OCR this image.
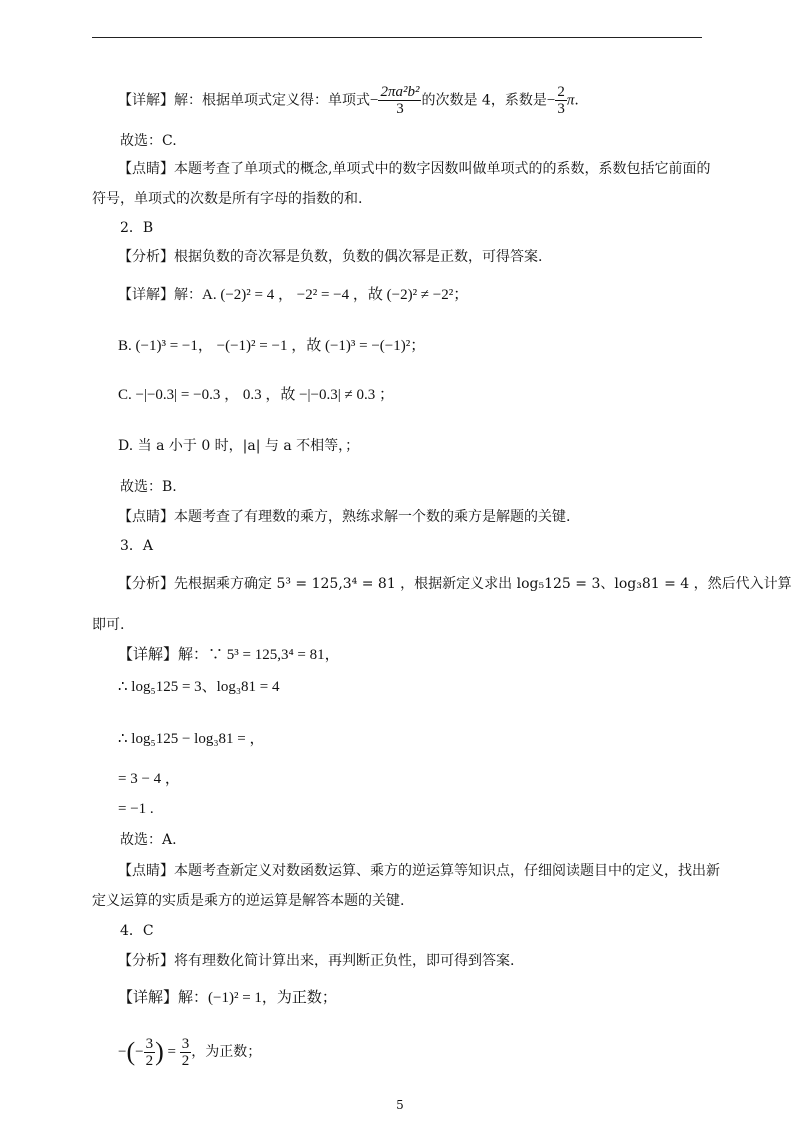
【详解】解：根据单项式定义得：单项式− $\frac{\text{2πa²b²}}{3}$ 的次数是 4，系数是− $\frac{2}{3} \pi$.
故选：C.
【点睛】本题考查了单项式的概念,单项式中的数字因数叫做单项式的的系数，系数包括它前面的
符号，单项式的次数是所有字母的指数的和.
2．B
【分析】根据负数的奇次幂是负数，负数的偶次幂是正数，可得答案.
【详解】解：A. (−2)² = 4 ， −2² = −4 ，故 (−2)² ≠ −2²；
B. (−1)³ = −1， −(−1)² = −1 ，故 (−1)³ = −(−1)²；
C. −|−0.3| = −0.3 ， 0.3 ，故 −|−0.3| ≠ 0.3 ；
D. 当 a 小于 0 时，|a| 与 a 不相等，；
故选：B.
【点睛】本题考查了有理数的乘方，熟练求解一个数的乘方是解题的关键.
3．A
【分析】先根据乘方确定 5³ = 125,3⁴ = 81 ，根据新定义求出 log₅125 = 3、log₃81 = 4 ，然后代入计算
即可.
【详解】解：∵ 5³ = 125,3⁴ = 81，
∴ log₅125 = 3、log₃81 = 4
∴ log₅125 − log₃81 = ，
= 3 − 4 ，
= −1 .
故选：A.
【点睛】本题考查新定义对数函数运算、乘方的逆运算等知识点，仔细阅读题目中的定义，找出新
定义运算的实质是乘方的逆运算是解答本题的关键.
4．C
【分析】将有理数化简计算出来，再判断正负性，即可得到答案.
【详解】解：(−1)² = 1，为正数；
−(− $\frac{3}{2}$ ) = $\frac{3}{2}$ ，为正数；
5
